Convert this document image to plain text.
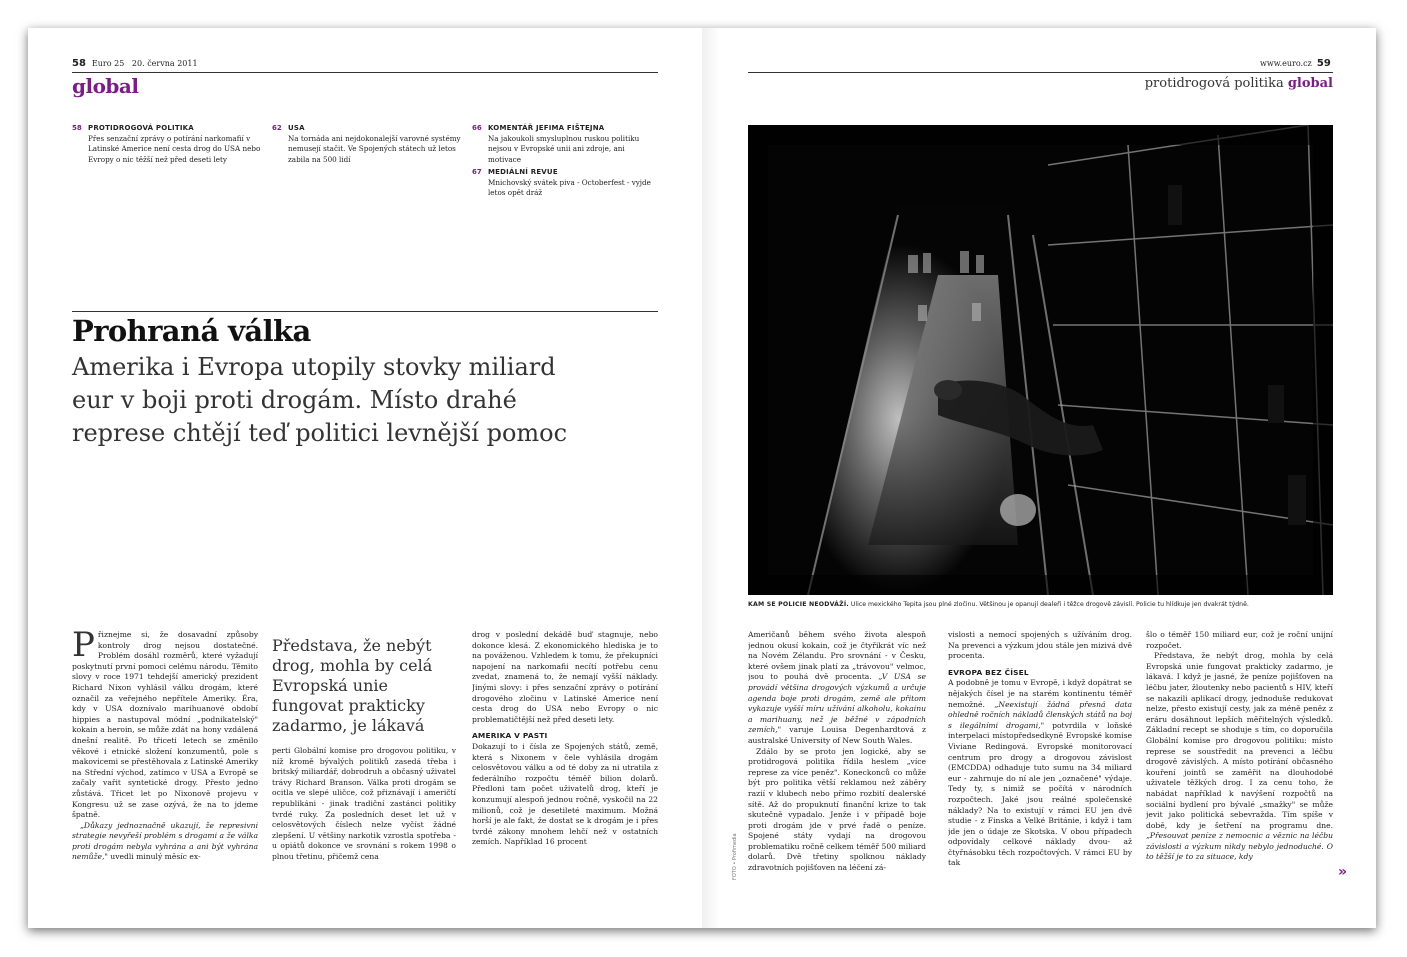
58 Euro 25 20. června 2011
global
58 PROTIDROGOVÁ POLITIKA
Přes senzační zprávy o potírání narkomafií v Latinské Americe není cesta drog do USA nebo Evropy o nic těžší než před deseti lety
62 USA
Na tornáda ani nejdokonalejší varovné systémy nemusejí stačit. Ve Spojených státech už letos zabila na 500 lidí
66 KOMENTÁŘ JEFIMA FIŠTEJNA
Na jakoukoli smysluplnou ruskou politiku nejsou v Evropské unii ani zdroje, ani motivace
67 MEDIÁLNÍ REVUE
Mnichovský svátek piva - Octoberfest - vyjde letos opět dráž
Prohraná válka
Amerika i Evropa utopily stovky miliard
eur v boji proti drogám. Místo drahé
represe chtějí teď politici levnější pomoc

Přiznejme si, že dosavadní způsoby kontroly drog nejsou dostatečné. Problém dosáhl rozměrů, které vyžadují poskytnutí první pomoci celému národu. Těmito slovy v roce 1971 tehdejší americký prezident Richard Nixon vyhlásil válku drogám, které označil za veřejného nepřítele Ameriky. Éra, kdy v USA doznívalo marihuanové období hippies a nastupoval módní „podnikatelský" kokain a heroin, se může zdát na hony vzdálená dnešní realitě. Po třiceti letech se změnilo věkové i etnické složení konzumentů, pole s makovicemi se přestěhovala z Latinské Ameriky na Střední východ, zatímco v USA a Evropě se začaly vařit syntetické drogy. Přesto jedno zůstává. Třicet let po Nixonově projevu v Kongresu už se zase ozývá, že na to jdeme špatně.

„Důkazy jednoznačně ukazují, že represivní strategie nevyřeší problém s drogami a že válka proti drogám nebyla vyhrána a ani být vyhrána nemůže," uvedli minulý měsíc ex-

Představa, že nebýt drog, mohla by celá Evropská unie fungovat prakticky zadarmo, je lákavá

perti Globální komise pro drogovou politiku, v níž kromě bývalých politiků zasedá třeba i britský miliardář, dobrodruh a občasný uživatel trávy Richard Branson. Válka proti drogám se ocitla ve slepé uličce, což přiznávají i američtí republikáni - jinak tradiční zastánci politiky tvrdé ruky. Za posledních deset let už v celosvětových číslech nelze vyčíst žádné zlepšení. U většiny narkotik vzrostla spotřeba - u opiátů dokonce ve srovnání s rokem 1998 o plnou třetinu, přičemž cena

drog v poslední dekádě buď stagnuje, nebo dokonce klesá. Z ekonomického hlediska je to na pováženou. Vzhledem k tomu, že překupníci napojení na narkomafii necítí potřebu cenu zvedat, znamená to, že nemají vyšší náklady. Jinými slovy: i přes senzační zprávy o potírání drogového zločinu v Latinské Americe není cesta drog do USA nebo Evropy o nic problematičtější než před deseti lety.

AMERIKA V PASTI

Dokazují to i čísla ze Spojených států, země, která s Nixonem v čele vyhlásila drogám celosvětovou válku a od té doby za ni utratila z federálního rozpočtu téměř bilion dolarů. Předloni tam počet uživatelů drog, kteří je konzumují alespoň jednou ročně, vyskočil na 22 milionů, což je desetileté maximum. Možná horší je ale fakt, že dostat se k drogám je i přes tvrdé zákony mnohem lehčí než v ostatních zemích. Například 16 procent

www.euro.cz 59
protidrogová politika global
KAM SE POLICIE NEODVÁŽÍ. Ulice mexického Tepita jsou plné zločinu. Většinou je opanují dealeři i těžce drogově závislí. Policie tu hlídkuje jen dvakrát týdně.

Američanů během svého života alespoň jednou okusí kokain, což je čtyřikrát víc než na Novém Zélandu. Pro srovnání - v Česku, které ovšem jinak platí za „trávovou" velmoc, jsou to pouhá dvě procenta. „V USA se provádí většina drogových výzkumů a určuje agenda boje proti drogám, země ale přitom vykazuje vyšší míru užívání alkoholu, kokainu a marihuany, než je běžné v západních zemích," varuje Louisa Degenhardtová z australské University of New South Wales.

Zdálo by se proto jen logické, aby se protidrogová politika řídila heslem „více represe za více peněz". Koneckonců co může být pro politika větší reklamou než záběry razií v klubech nebo přímo rozbití dealerské sítě. Až do propuknutí finanční krize to tak skutečně vypadalo. Jenže i v případě boje proti drogám jde v prvé řadě o peníze. Spojené státy vydají na drogovou problematiku ročně celkem téměř 500 miliard dolarů. Dvě třetiny spolknou náklady zdravotních pojišťoven na léčení zá-

FOTO • Profimedia

vislosti a nemocí spojených s užíváním drog. Na prevenci a výzkum jdou stále jen mizivá dvě procenta.

EVROPA BEZ ČÍSEL

A podobně je tomu v Evropě, i když dopátrat se nějakých čísel je na starém kontinentu téměř nemožné. „Neexistují žádná přesná data ohledně ročních nákladů členských států na boj s ilegálními drogami," potvrdila v loňské interpelaci místopředsedkyně Evropské komise Viviane Redingová. Evropské monitorovací centrum pro drogy a drogovou závislost (EMCDDA) odhaduje tuto sumu na 34 miliard eur - zahrnuje do ní ale jen „označené" výdaje. Tedy ty, s nimiž se počítá v národních rozpočtech. Jaké jsou reálné společenské náklady? Na to existují v rámci EU jen dvě studie - z Finska a Velké Británie, i když i tam jde jen o údaje ze Skotska. V obou případech odpovídaly celkové náklady dvou- až čtyřnásobku těch rozpočtových. V rámci EU by tak

šlo o téměř 150 miliard eur, což je roční unijní rozpočet.

Představa, že nebýt drog, mohla by celá Evropská unie fungovat prakticky zadarmo, je lákavá. I když je jasné, že peníze pojišťoven na léčbu jater, žloutenky nebo pacientů s HIV, kteří se nakazili aplikací drogy, jednoduše redukovat nelze, přesto existují cesty, jak za méně peněz z eráru dosáhnout lepších měřitelných výsledků. Základní recept se shoduje s tím, co doporučila Globální komise pro drogovou politiku: místo represe se soustředit na prevenci a léčbu drogově závislých. A místo potírání občasného kouření jointů se zaměřit na dlouhodobé uživatele těžkých drog. I za cenu toho, že nabádat například k navýšení rozpočtů na sociální bydlení pro bývalé „smažky" se může jevit jako politická sebevražda. Tím spíše v době, kdy je šetření na programu dne. „Přesouvat peníze z nemocnic a věznic na léčbu závislosti a výzkum nikdy nebylo jednoduché. O to těžší je to za situace, kdy

»
